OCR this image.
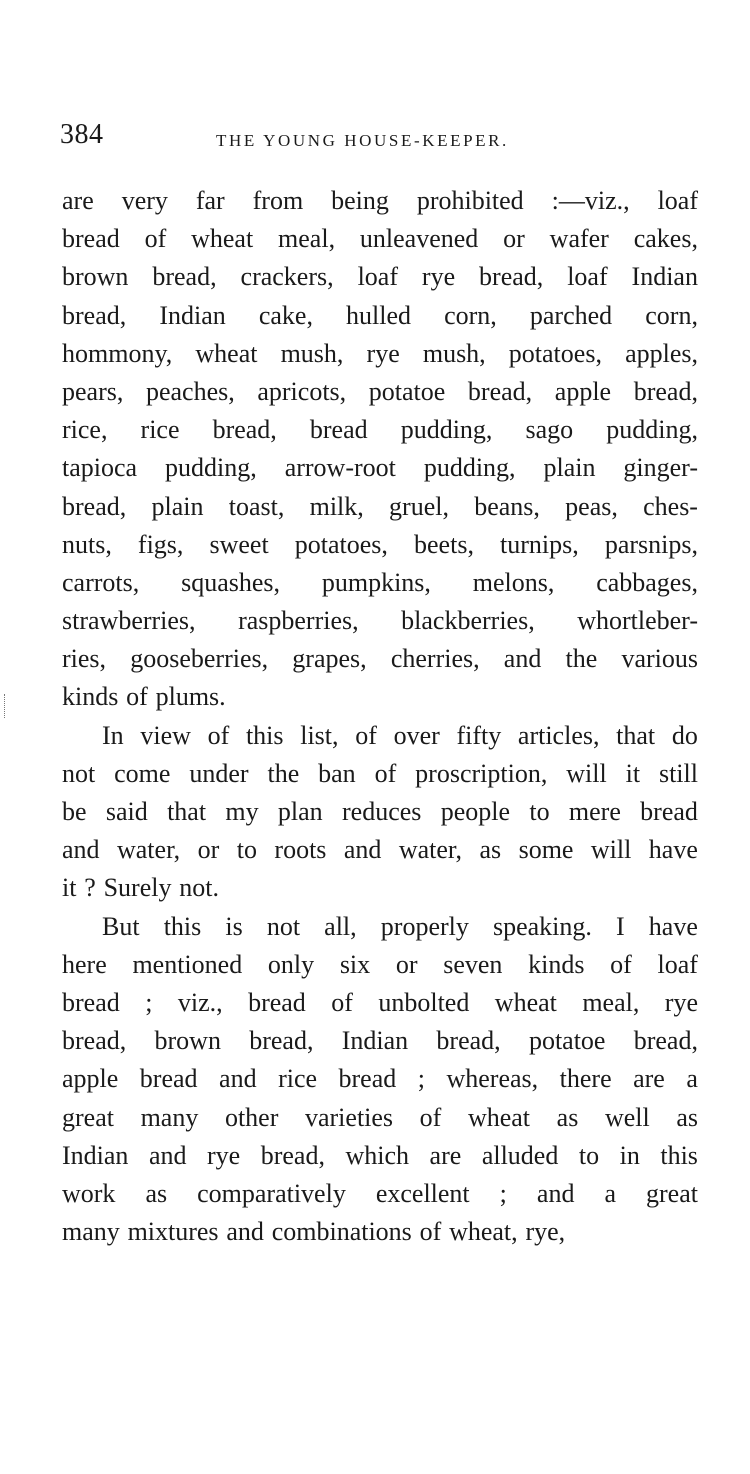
384	THE YOUNG HOUSE-KEEPER.
are very far from being prohibited :—viz., loaf
bread of wheat meal, unleavened or wafer cakes,
brown bread, crackers, loaf rye bread, loaf Indian
bread, Indian cake, hulled corn, parched corn,
hommony, wheat mush, rye mush, potatoes, apples,
pears, peaches, apricots, potatoe bread, apple bread,
rice, rice bread, bread pudding, sago pudding,
tapioca pudding, arrow-root pudding, plain ginger-
bread, plain toast, milk, gruel, beans, peas, ches-
nuts, figs, sweet potatoes, beets, turnips, parsnips,
carrots, squashes, pumpkins, melons, cabbages,
strawberries, raspberries, blackberries, whortleber-
ries, gooseberries, grapes, cherries, and the various
kinds of plums.
In view of this list, of over fifty articles, that do
not come under the ban of proscription, will it still
be said that my plan reduces people to mere bread
and water, or to roots and water, as some will have
it ? Surely not.
But this is not all, properly speaking. I have
here mentioned only six or seven kinds of loaf
bread ; viz., bread of unbolted wheat meal, rye
bread, brown bread, Indian bread, potatoe bread,
apple bread and rice bread ; whereas, there are a
great many other varieties of wheat as well as
Indian and rye bread, which are alluded to in this
work as comparatively excellent ; and a great
many mixtures and combinations of wheat, rye,
